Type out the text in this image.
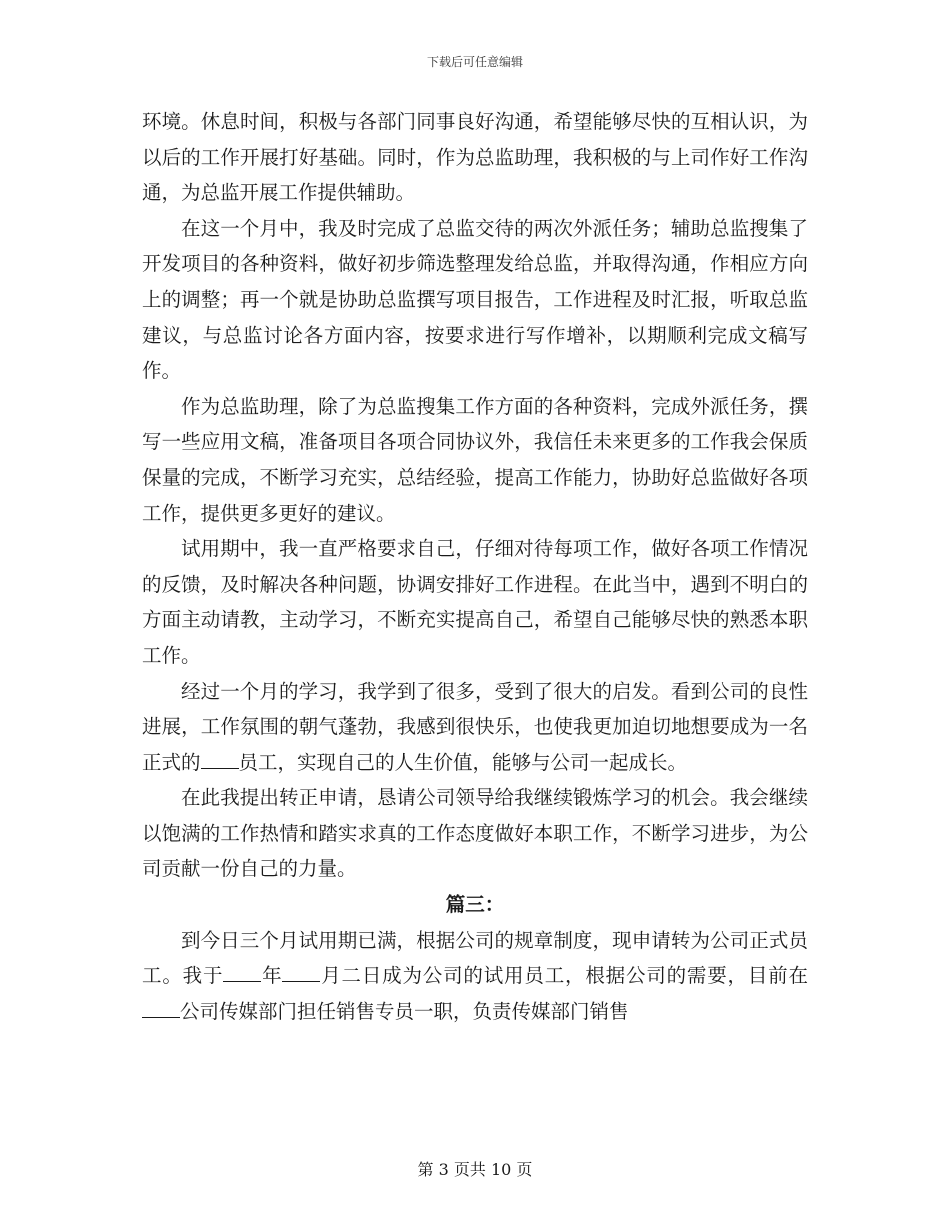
下载后可任意编辑

环境。休息时间，积极与各部门同事良好沟通，希望能够尽快的互相认识，为以后的工作开展打好基础。同时，作为总监助理，我积极的与上司作好工作沟通，为总监开展工作提供辅助。

在这一个月中，我及时完成了总监交待的两次外派任务；辅助总监搜集了开发项目的各种资料，做好初步筛选整理发给总监，并取得沟通，作相应方向上的调整；再一个就是协助总监撰写项目报告，工作进程及时汇报，听取总监建议，与总监讨论各方面内容，按要求进行写作增补，以期顺利完成文稿写作。

作为总监助理，除了为总监搜集工作方面的各种资料，完成外派任务，撰写一些应用文稿，准备项目各项合同协议外，我信任未来更多的工作我会保质保量的完成，不断学习充实，总结经验，提高工作能力，协助好总监做好各项工作，提供更多更好的建议。

试用期中，我一直严格要求自己，仔细对待每项工作，做好各项工作情况的反馈，及时解决各种问题，协调安排好工作进程。在此当中，遇到不明白的方面主动请教，主动学习，不断充实提高自己，希望自己能够尽快的熟悉本职工作。

经过一个月的学习，我学到了很多，受到了很大的启发。看到公司的良性进展，工作氛围的朝气蓬勃，我感到很快乐，也使我更加迫切地想要成为一名正式的 员工，实现自己的人生价值，能够与公司一起成长。

在此我提出转正申请，恳请公司领导给我继续锻炼学习的机会。我会继续以饱满的工作热情和踏实求真的工作态度做好本职工作，不断学习进步，为公司贡献一份自己的力量。

篇三：

到今日三个月试用期已满，根据公司的规章制度，现申请转为公司正式员工。我于 年 月二日成为公司的试用员工，根据公司的需要，目前在公司传媒部门担任销售专员一职，负责传媒部门销售

第 3 页共 10 页
